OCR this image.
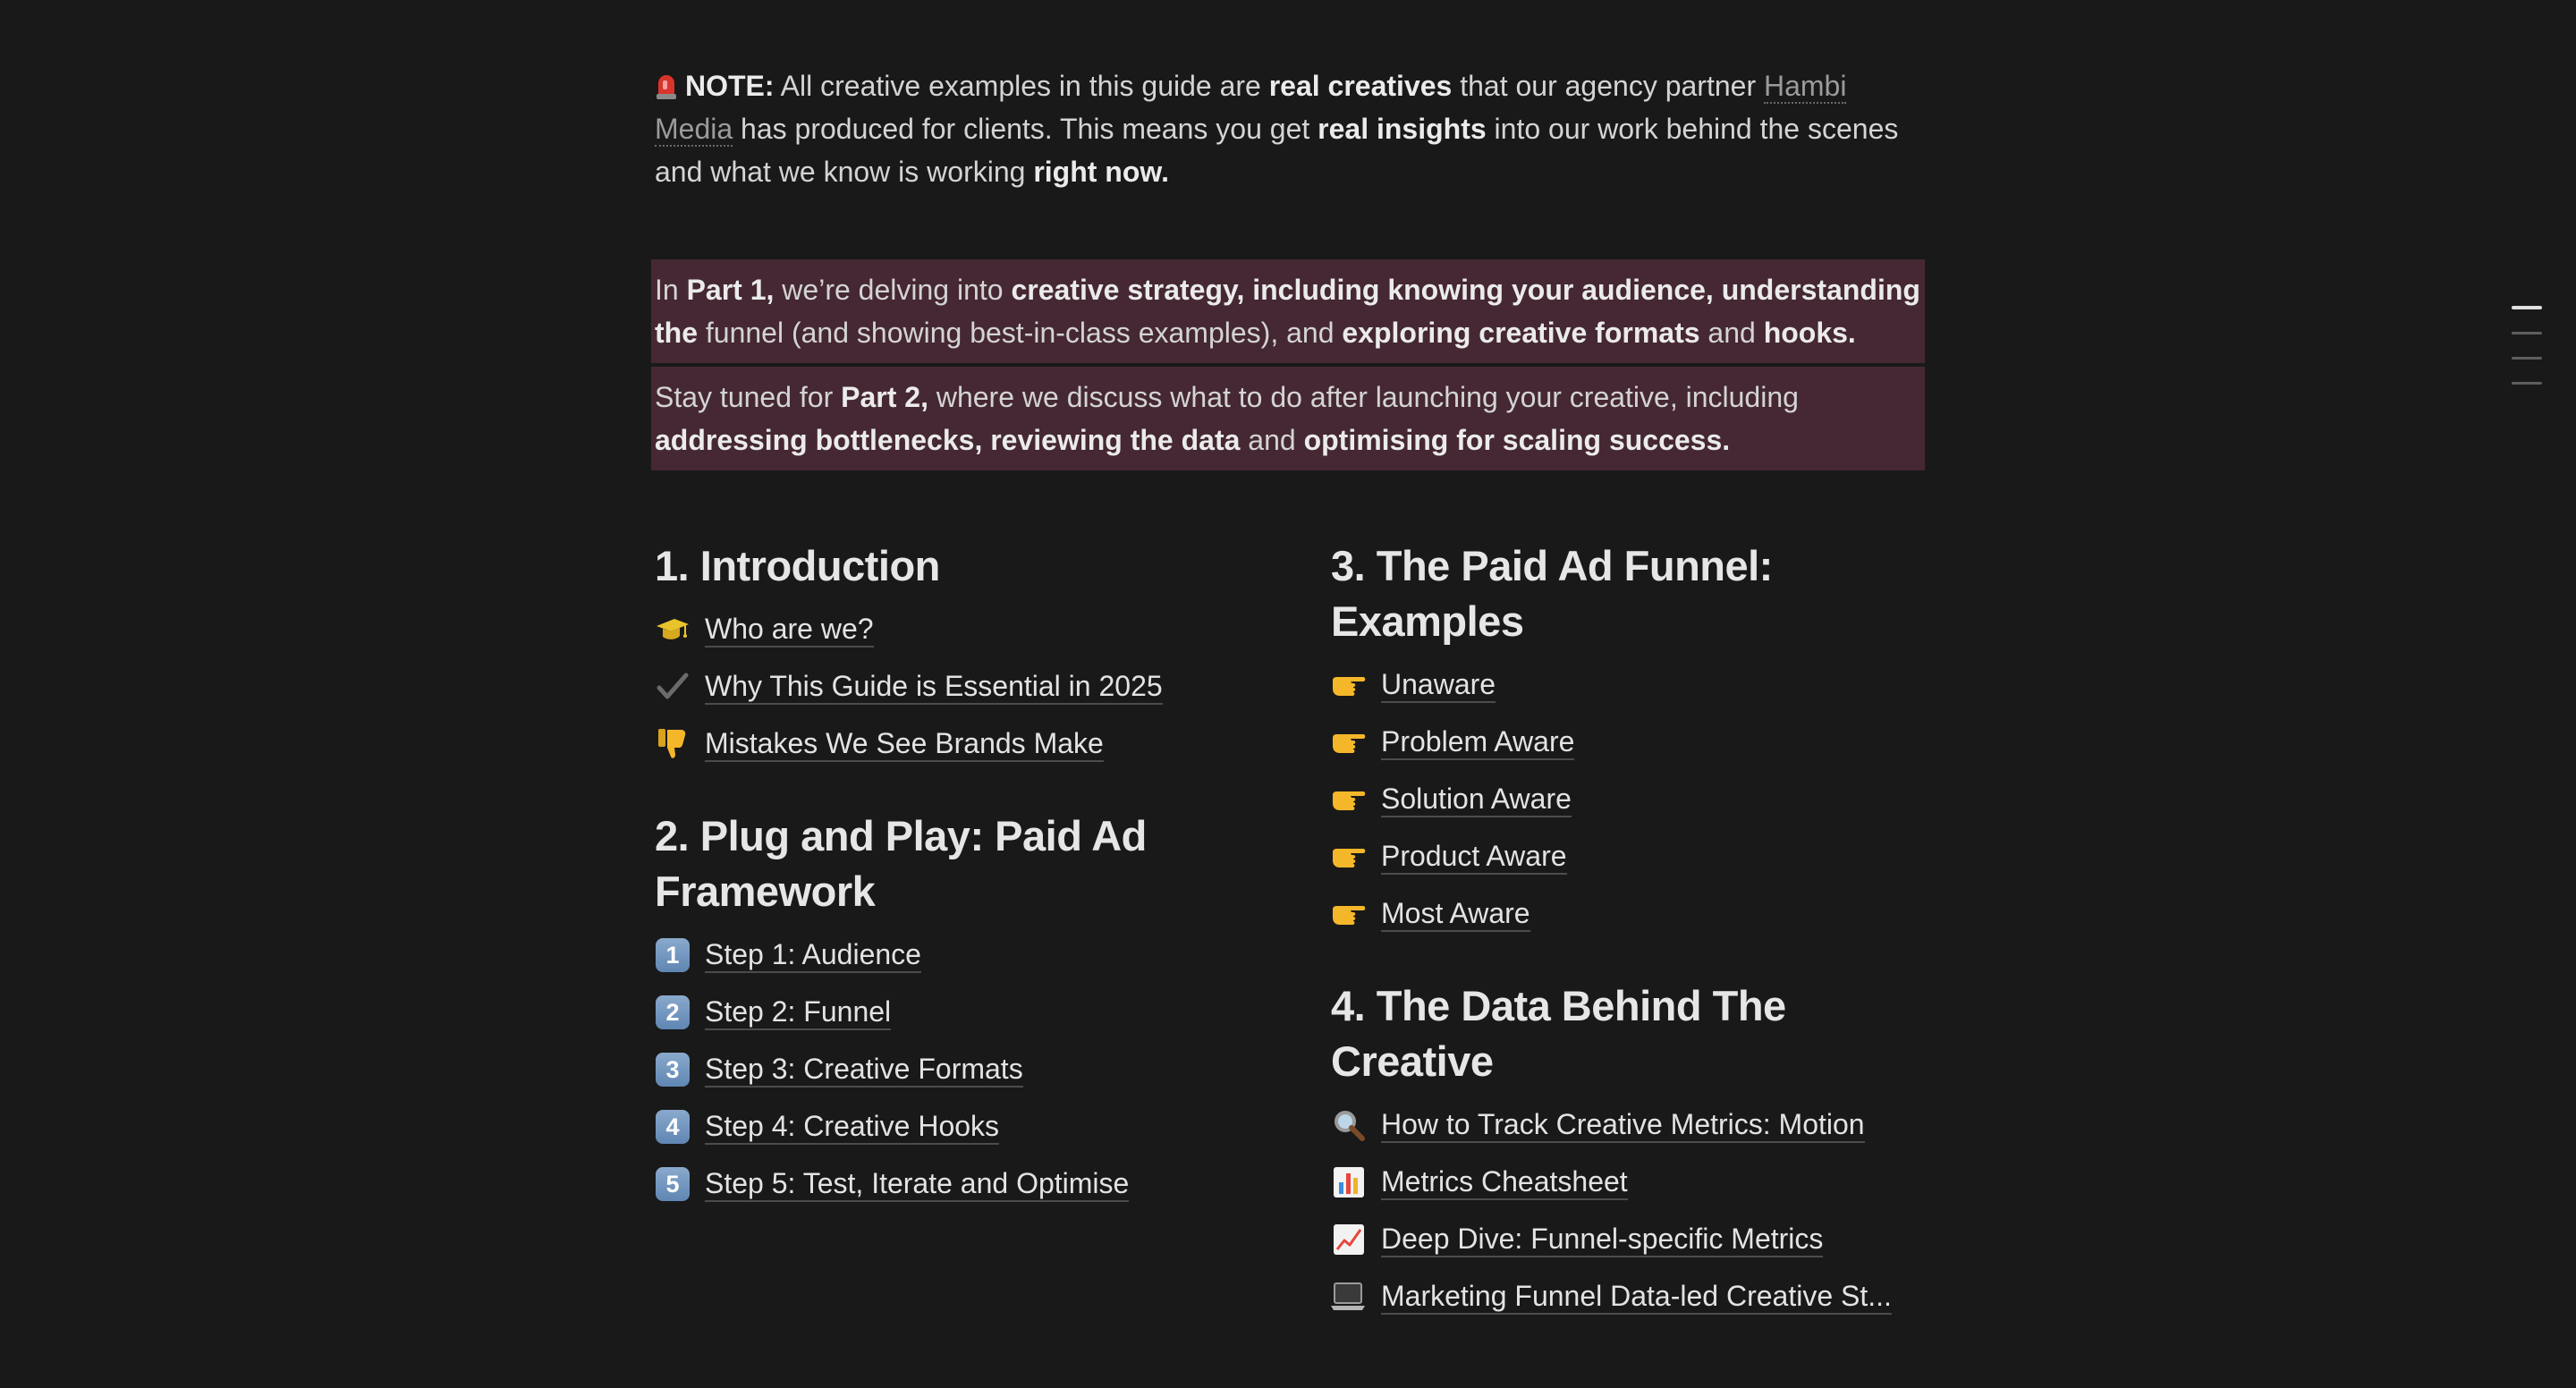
NOTE: All creative examples in this guide are real creatives that our agency partner Hambi Media has produced for clients. This means you get real insights into our work behind the scenes and what we know is working right now.

In Part 1, we’re delving into creative strategy, including knowing your audience, understanding the funnel (and showing best-in-class examples), and exploring creative formats and hooks.
Stay tuned for Part 2, where we discuss what to do after launching your creative, including addressing bottlenecks, reviewing the data and optimising for scaling success.
1. Introduction
Who are we?
Why This Guide is Essential in 2025
Mistakes We See Brands Make
2. Plug and Play: Paid Ad Framework
1 Step 1: Audience
2 Step 2: Funnel
3 Step 3: Creative Formats
4 Step 4: Creative Hooks
5 Step 5: Test, Iterate and Optimise
3. The Paid Ad Funnel: Examples
Unaware
Problem Aware
Solution Aware
Product Aware
Most Aware
4. The Data Behind The Creative
How to Track Creative Metrics: Motion
Metrics Cheatsheet
Deep Dive: Funnel-specific Metrics
Marketing Funnel Data-led Creative St...
